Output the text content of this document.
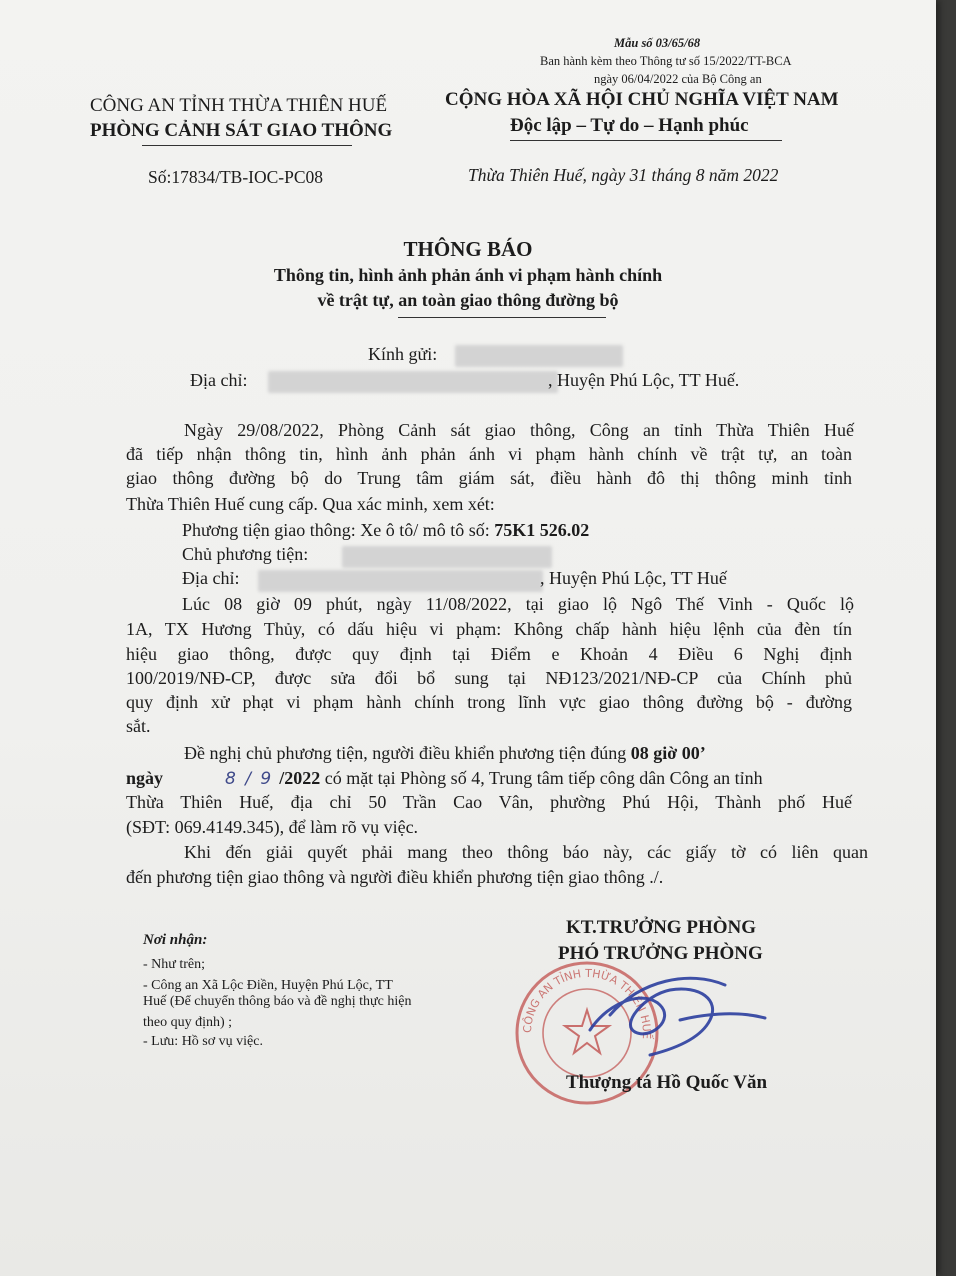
Mẫu số 03/65/68
Ban hành kèm theo Thông tư số 15/2022/TT-BCA
ngày 06/04/2022 của Bộ Công an
CÔNG AN TỈNH THỪA THIÊN HUẾ
PHÒNG CẢNH SÁT GIAO THÔNG
CỘNG HÒA XÃ HỘI CHỦ NGHĨA VIỆT NAM
Độc lập – Tự do – Hạnh phúc
Số:17834/TB-IOC-PC08	Thừa Thiên Huế, ngày 31 tháng 8 năm 2022
THÔNG BÁO
Thông tin, hình ảnh phản ánh vi phạm hành chính
về trật tự, an toàn giao thông đường bộ
Kính gửi:
Địa chỉ:	, Huyện Phú Lộc, TT Huế.
Ngày 29/08/2022, Phòng Cảnh sát giao thông, Công an tỉnh Thừa Thiên Huế
đã tiếp nhận thông tin, hình ảnh phản ánh vi phạm hành chính về trật tự, an toàn
giao thông đường bộ do Trung tâm giám sát, điều hành đô thị thông minh tỉnh
Thừa Thiên Huế cung cấp. Qua xác minh, xem xét:
Phương tiện giao thông: Xe ô tô/ mô tô số: 75K1 526.02
Chủ phương tiện:
Địa chỉ:	, Huyện Phú Lộc, TT Huế
Lúc 08 giờ 09 phút, ngày 11/08/2022, tại giao lộ Ngô Thế Vinh - Quốc lộ
1A, TX Hương Thủy, có dấu hiệu vi phạm: Không chấp hành hiệu lệnh của đèn tín
hiệu giao thông, được quy định tại Điểm e Khoản 4 Điều 6 Nghị định
100/2019/NĐ-CP, được sửa đổi bổ sung tại NĐ123/2021/NĐ-CP của Chính phủ
quy định xử phạt vi phạm hành chính trong lĩnh vực giao thông đường bộ - đường
sắt.
Đề nghị chủ phương tiện, người điều khiển phương tiện đúng 08 giờ 00’
ngày	8 / 9 /2022 có mặt tại Phòng số 4, Trung tâm tiếp công dân Công an tỉnh
Thừa Thiên Huế, địa chỉ 50 Trần Cao Vân, phường Phú Hội, Thành phố Huế
(SĐT: 069.4149.345), để làm rõ vụ việc.
Khi đến giải quyết phải mang theo thông báo này, các giấy tờ có liên quan
đến phương tiện giao thông và người điều khiển phương tiện giao thông ./.
Nơi nhận:
- Như trên;
- Công an Xã Lộc Điền, Huyện Phú Lộc, TT
Huế (Để chuyển thông báo và đề nghị thực hiện
theo quy định) ;
- Lưu: Hồ sơ vụ việc.
KT.TRƯỞNG PHÒNG
PHÓ TRƯỞNG PHÒNG
CÔNG AN TỈNH THỪA THIÊN HUẾ
Thượng tá Hồ Quốc Văn
